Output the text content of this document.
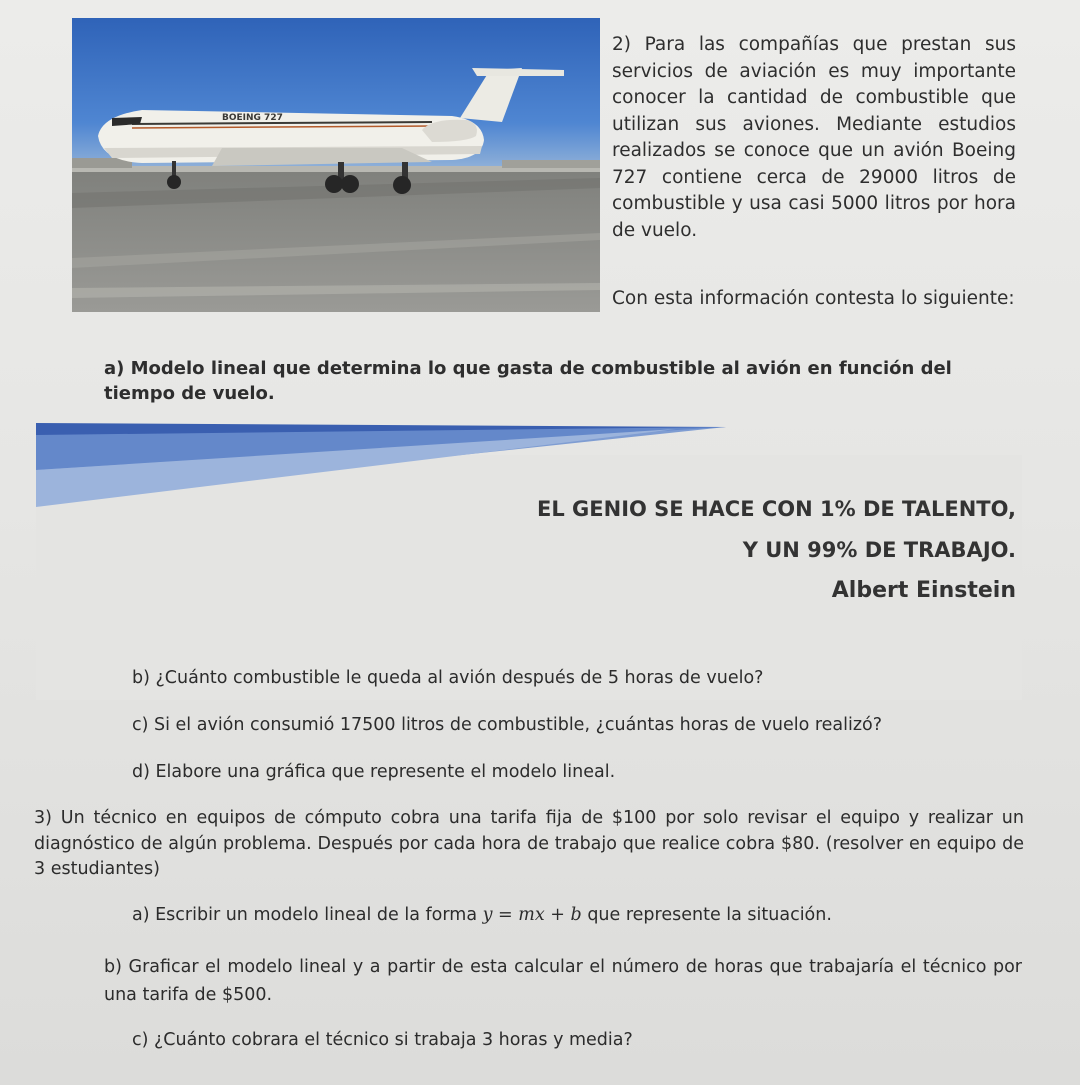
BOEING 727

2) Para las compañías que prestan sus servicios de aviación es muy importante conocer la cantidad de combustible que utilizan sus aviones. Mediante estudios realizados se conoce que un avión Boeing 727 contiene cerca de 29000 litros de combustible y usa casi 5000 litros por hora de vuelo.

Con esta información contesta lo siguiente:

a) Modelo lineal que determina lo que gasta de combustible al avión en función del tiempo de vuelo.

EL GENIO SE HACE CON 1% DE TALENTO,

Y UN 99% DE TRABAJO.

Albert Einstein

b) ¿Cuánto combustible le queda al avión después de 5 horas de vuelo?

c) Si el avión consumió 17500 litros de combustible, ¿cuántas horas de vuelo realizó?

d) Elabore una gráfica que represente el modelo lineal.

3) Un técnico en equipos de cómputo cobra una tarifa fija de $100 por solo revisar el equipo y realizar un diagnóstico de algún problema. Después por cada hora de trabajo que realice cobra $80. (resolver en equipo de 3 estudiantes)

a) Escribir un modelo lineal de la forma y = mx + b que represente la situación.

b) Graficar el modelo lineal y a partir de esta calcular el número de horas que trabajaría el técnico por una tarifa de $500.

c) ¿Cuánto cobrara el técnico si trabaja 3 horas y media?
